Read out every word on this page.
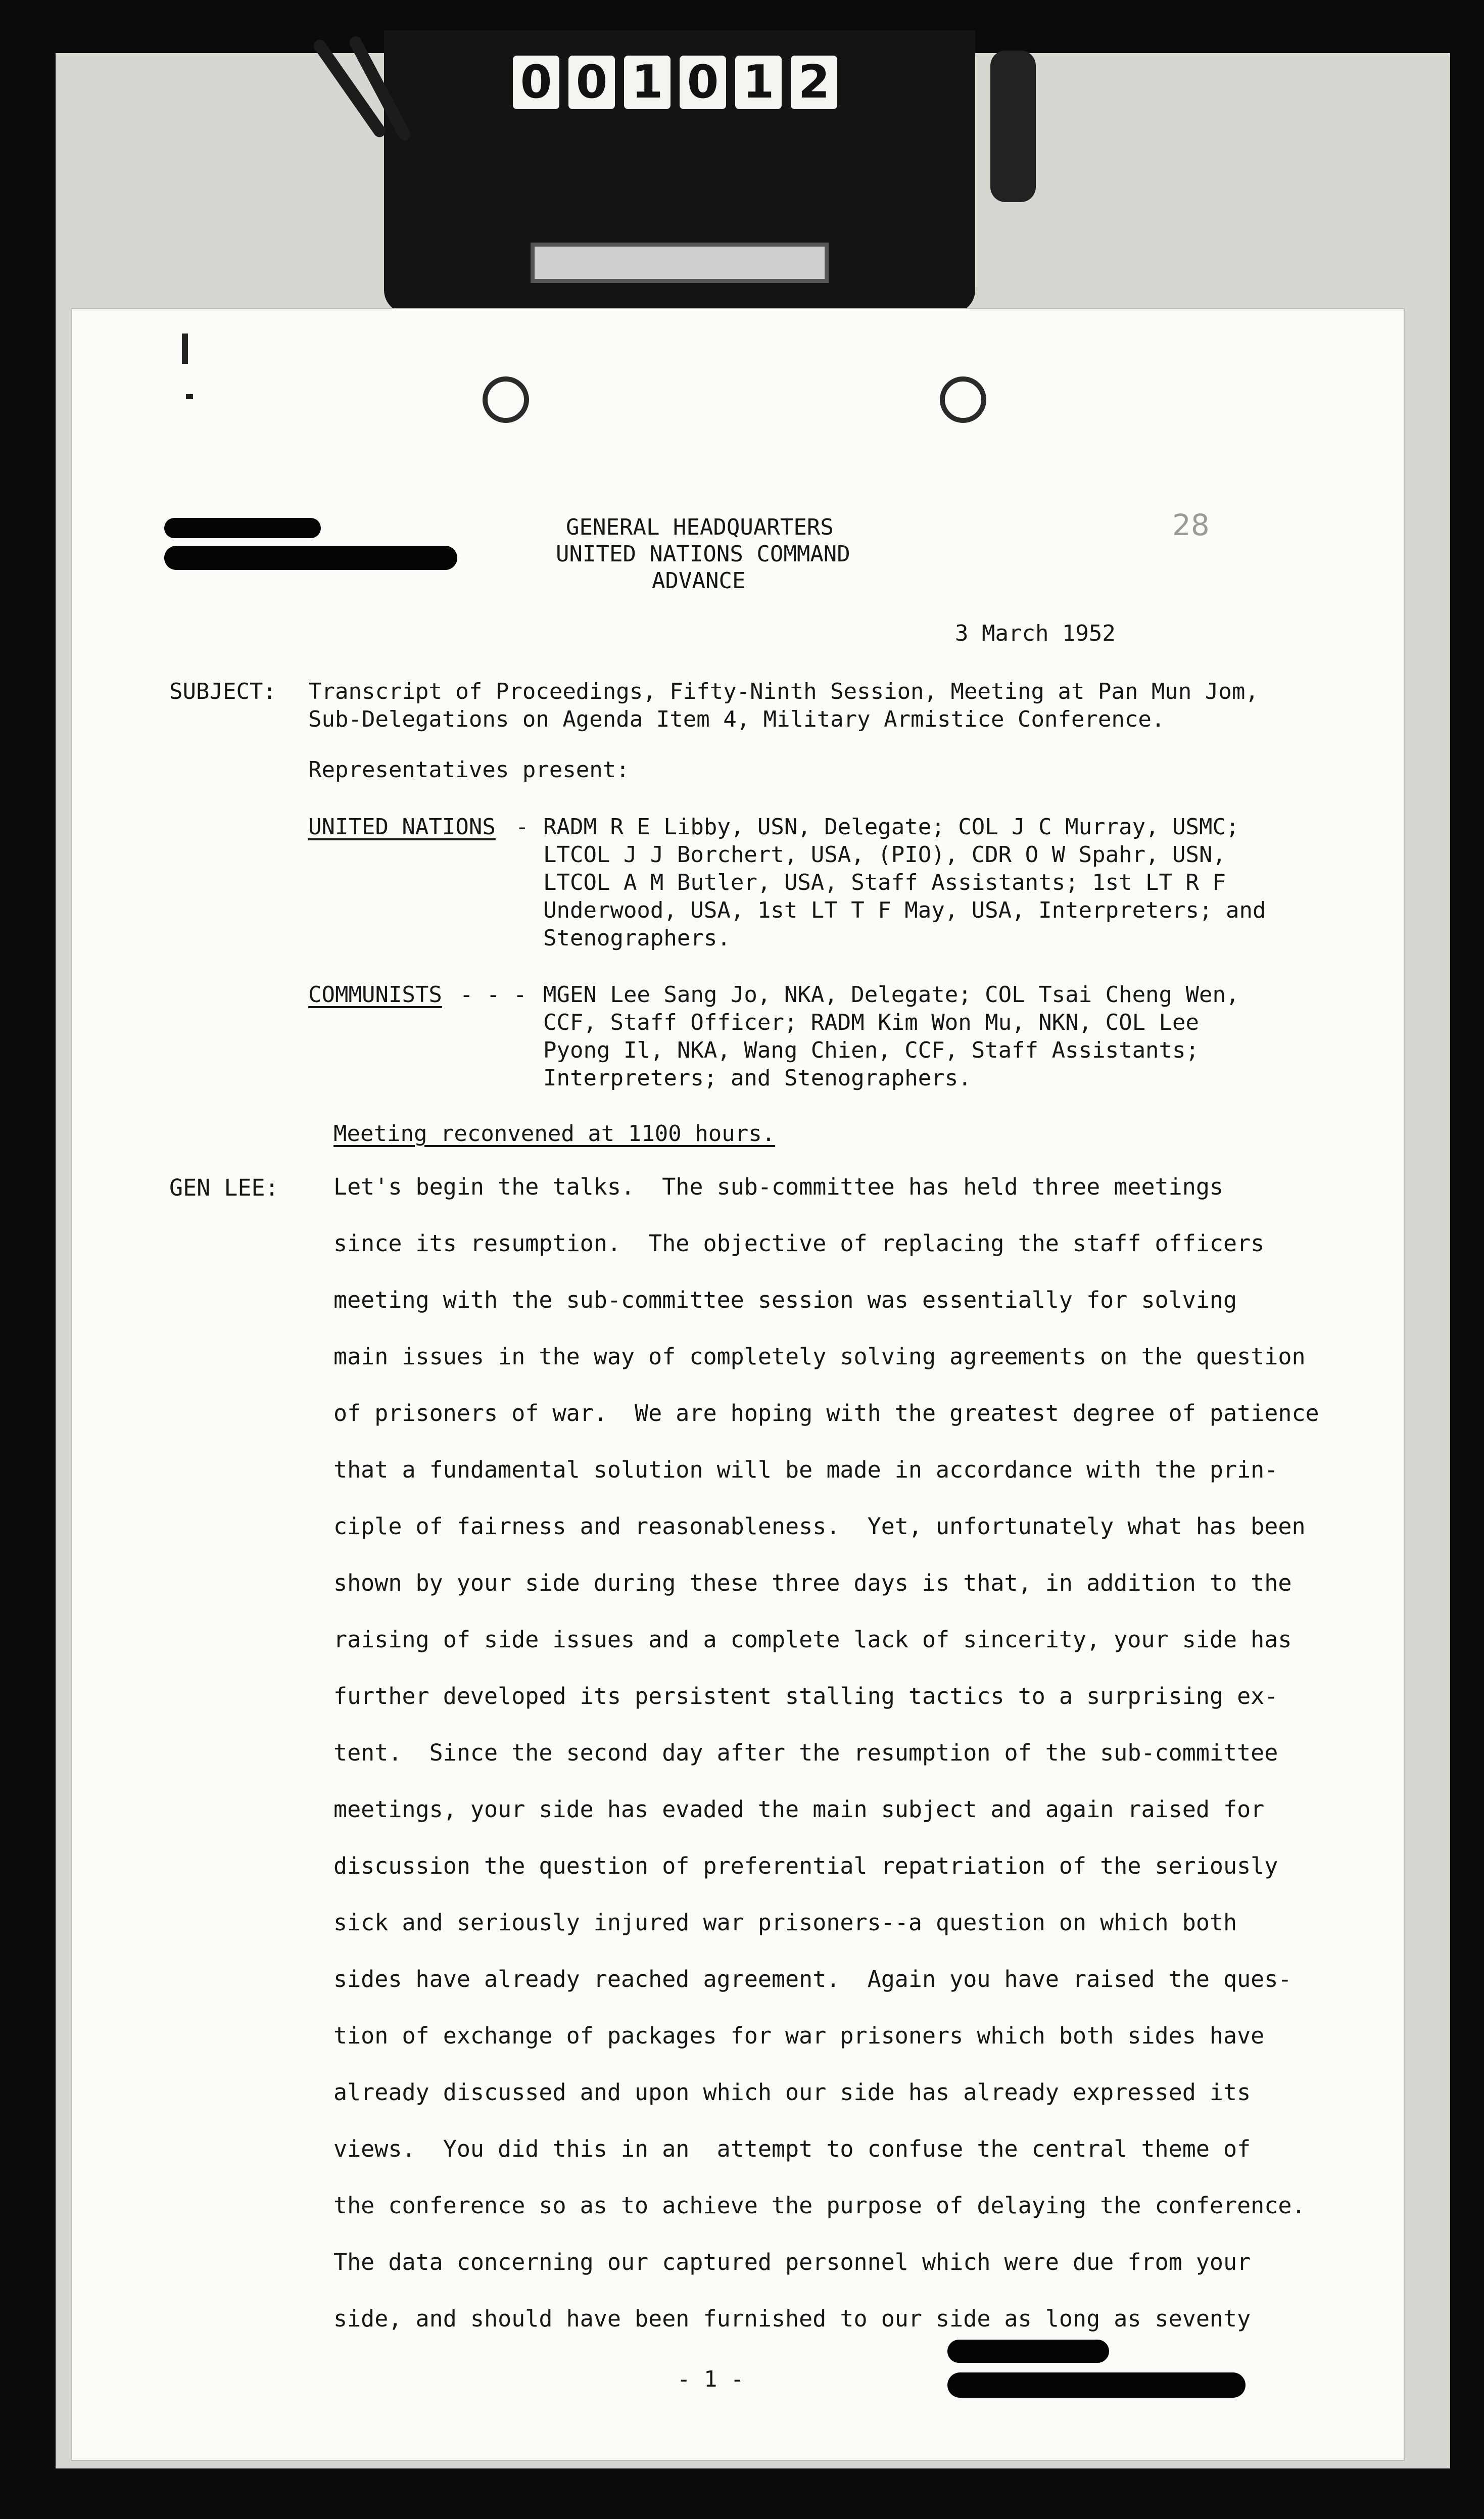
0 0 1 0 1 2
GENERAL HEADQUARTERS
UNITED NATIONS COMMAND
ADVANCE
28
3 March 1952
SUBJECT: Transcript of Proceedings, Fifty-Ninth Session, Meeting at Pan Mun Jom,
Sub-Delegations on Agenda Item 4, Military Armistice Conference.
Representatives present:
UNITED NATIONS - RADM R E Libby, USN, Delegate; COL J C Murray, USMC;
LTCOL J J Borchert, USA, (PIO), CDR O W Spahr, USN,
LTCOL A M Butler, USA, Staff Assistants; 1st LT R F
Underwood, USA, 1st LT T F May, USA, Interpreters; and
Stenographers.
COMMUNISTS - - - MGEN Lee Sang Jo, NKA, Delegate; COL Tsai Cheng Wen,
CCF, Staff Officer; RADM Kim Won Mu, NKN, COL Lee
Pyong Il, NKA, Wang Chien, CCF, Staff Assistants;
Interpreters; and Stenographers.
Meeting reconvened at 1100 hours.
GEN LEE: Let's begin the talks.  The sub-committee has held three meetings
since its resumption.  The objective of replacing the staff officers
meeting with the sub-committee session was essentially for solving
main issues in the way of completely solving agreements on the question
of prisoners of war.  We are hoping with the greatest degree of patience
that a fundamental solution will be made in accordance with the prin-
ciple of fairness and reasonableness.  Yet, unfortunately what has been
shown by your side during these three days is that, in addition to the
raising of side issues and a complete lack of sincerity, your side has
further developed its persistent stalling tactics to a surprising ex-
tent.  Since the second day after the resumption of the sub-committee
meetings, your side has evaded the main subject and again raised for
discussion the question of preferential repatriation of the seriously
sick and seriously injured war prisoners--a question on which both
sides have already reached agreement.  Again you have raised the ques-
tion of exchange of packages for war prisoners which both sides have
already discussed and upon which our side has already expressed its
views.  You did this in an  attempt to confuse the central theme of
the conference so as to achieve the purpose of delaying the conference.
The data concerning our captured personnel which were due from your
side, and should have been furnished to our side as long as seventy
- 1 -
